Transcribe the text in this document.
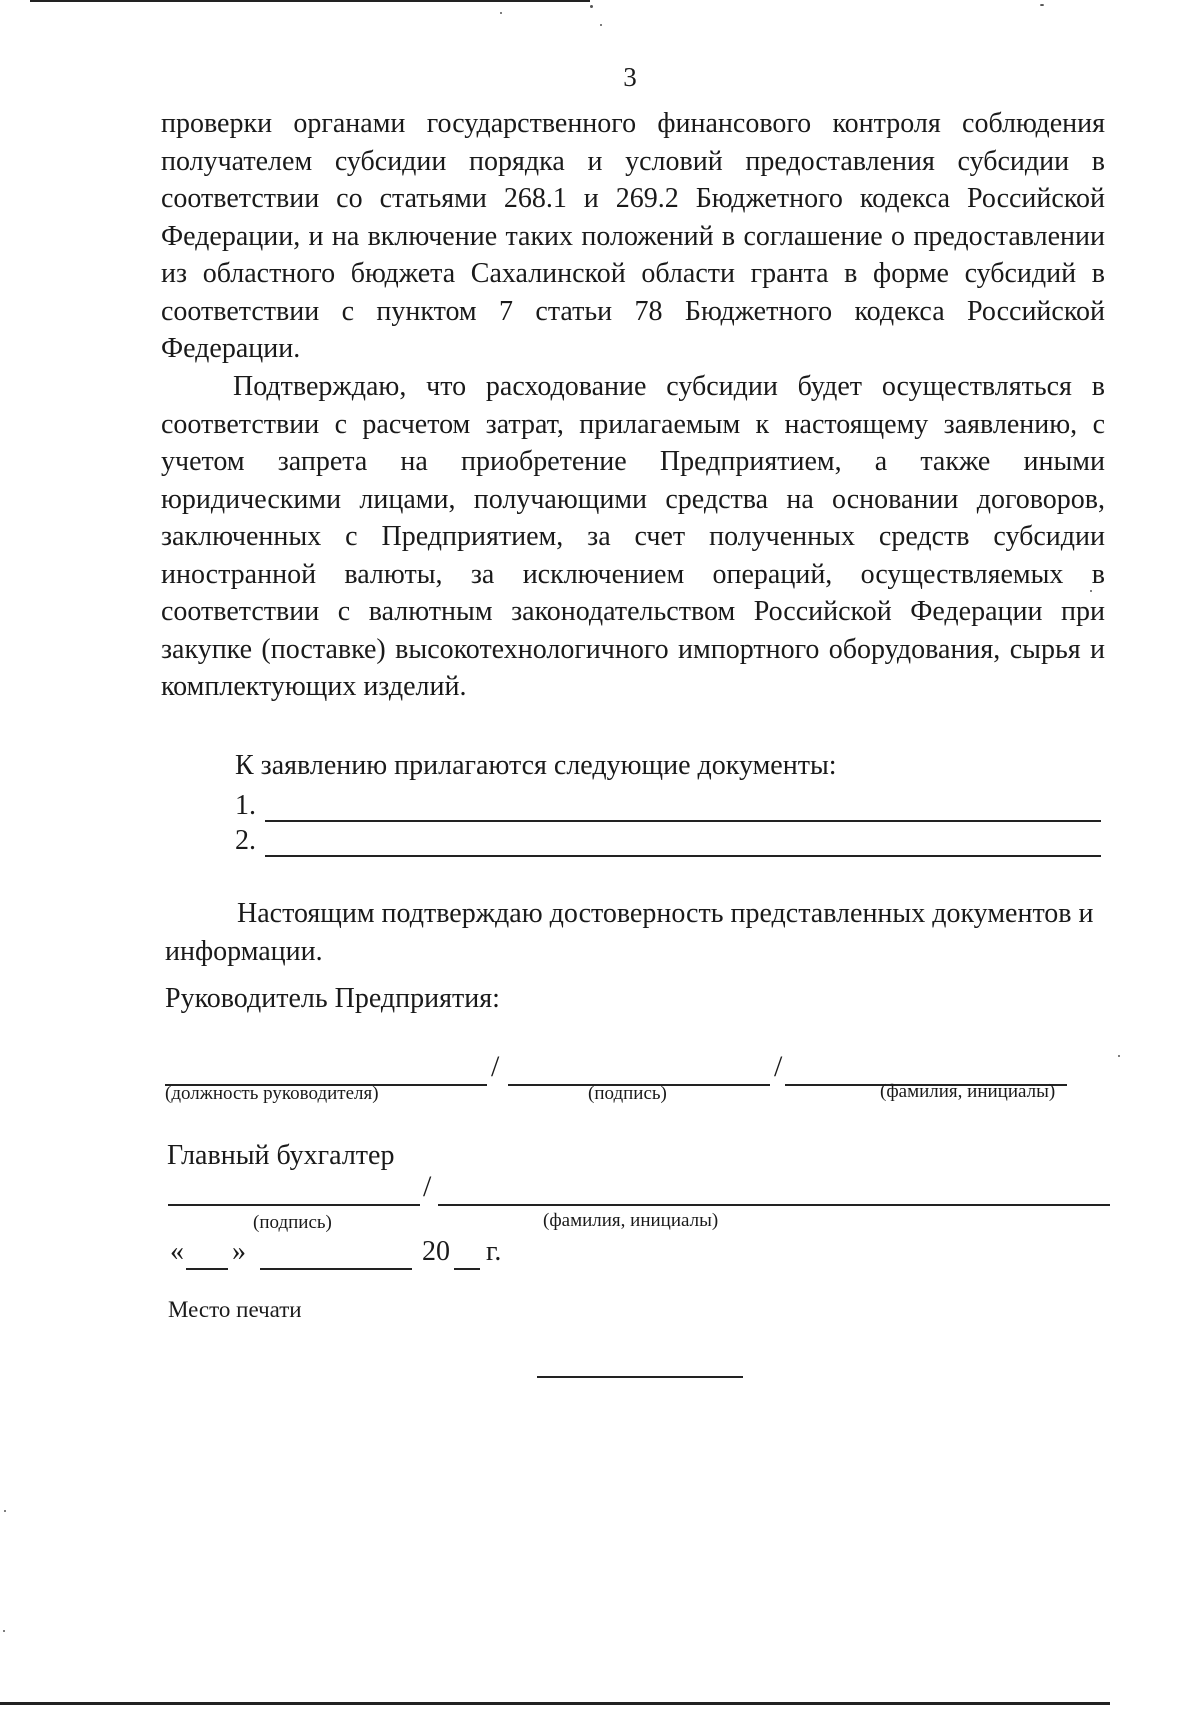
3
проверки органами государственного финансового контроля соблюдения получателем субсидии порядка и условий предоставления субсидии в соответствии со статьями 268.1 и 269.2 Бюджетного кодекса Российской Федерации, и на включение таких положений в соглашение о предоставлении из областного бюджета Сахалинской области гранта в форме субсидий в соответствии с пунктом 7 статьи 78 Бюджетного кодекса Российской Федерации.
Подтверждаю, что расходование субсидии будет осуществляться в соответствии с расчетом затрат, прилагаемым к настоящему заявлению, с учетом запрета на приобретение Предприятием, а также иными юридическими лицами, получающими средства на основании договоров, заключенных с Предприятием, за счет полученных средств субсидии иностранной валюты, за исключением операций, осуществляемых в соответствии с валютным законодательством Российской Федерации при закупке (поставке) высокотехнологичного импортного оборудования, сырья и комплектующих изделий.
К заявлению прилагаются следующие документы:
1.
2.
Настоящим подтверждаю достоверность представленных документов и информации.
Руководитель Предприятия:
/	/
(должность руководителя)	(подпись)	(фамилия, инициалы)
Главный бухгалтер
/
(подпись)	(фамилия, инициалы)
« »	20 г.
Место печати
